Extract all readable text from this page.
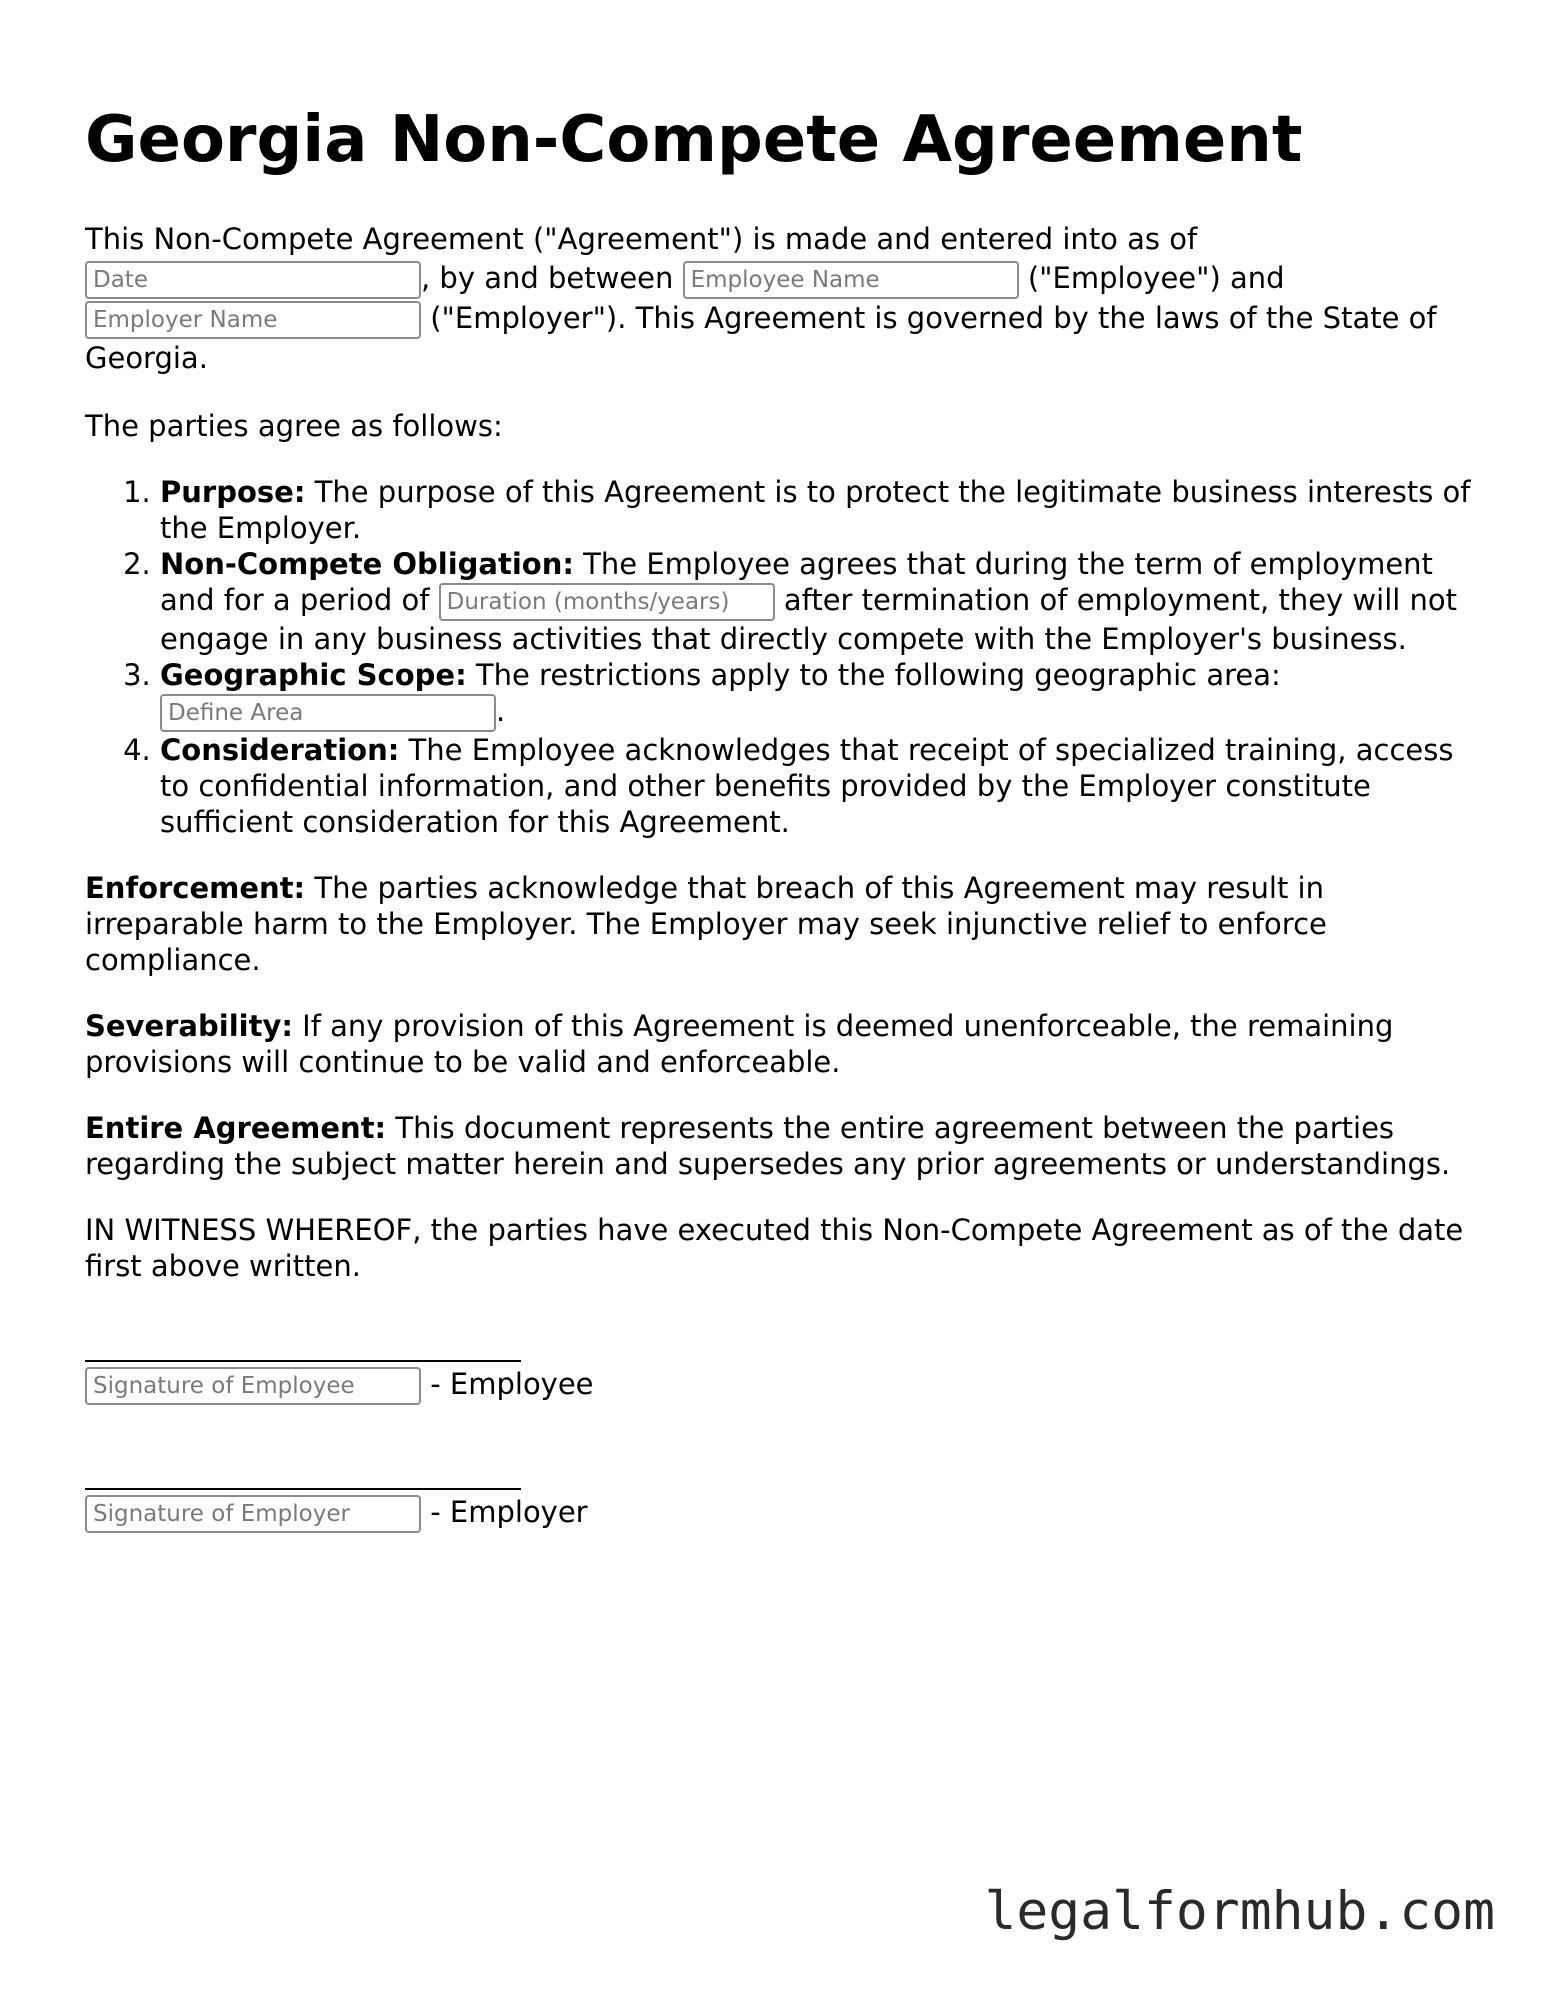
Georgia Non-Compete Agreement

This Non-Compete Agreement ("Agreement") is made and entered into as of
Date, by and between Employee Name	("Employee") and
Employer Name ("Employer"). This Agreement is governed by the laws of the State of Georgia.

The parties agree as follows:

1. Purpose: The purpose of this Agreement is to protect the legitimate business interests of the Employer.
2. Non-Compete Obligation: The Employee agrees that during the term of employment and for a period of Duration (months/years)	after termination of employment, they will not engage in any business activities that directly compete with the Employer's business.
3. Geographic Scope: The restrictions apply to the following geographic area:
Define Area.
4. Consideration: The Employee acknowledges that receipt of specialized training, access to confidential information, and other benefits provided by the Employer constitute sufficient consideration for this Agreement.

Enforcement: The parties acknowledge that breach of this Agreement may result in irreparable harm to the Employer. The Employer may seek injunctive relief to enforce compliance.

Severability: If any provision of this Agreement is deemed unenforceable, the remaining provisions will continue to be valid and enforceable.

Entire Agreement: This document represents the entire agreement between the parties regarding the subject matter herein and supersedes any prior agreements or understandings.

IN WITNESS WHEREOF, the parties have executed this Non-Compete Agreement as of the date first above written.

Signature of Employee - Employee
Signature of Employer - Employer
legalformhub.com
